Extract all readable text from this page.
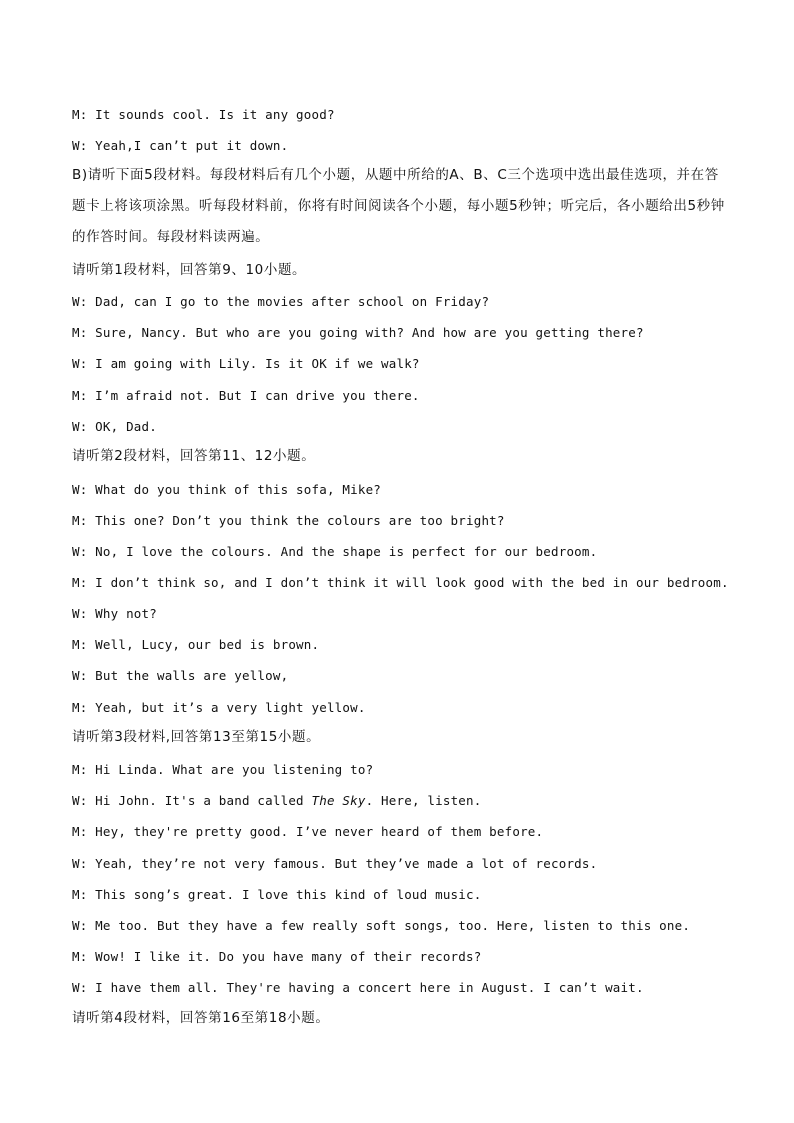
M: It sounds cool. Is it any good?
W: Yeah,I can’t put it down.
B)请听下面5段材料。每段材料后有几个小题，从题中所给的A、B、C三个选项中选出最佳选项，并在答题卡上将该项涂黑。听每段材料前，你将有时间阅读各个小题，每小题5秒钟；听完后，各小题给出5秒钟的作答时间。每段材料读两遍。
请听第1段材料，回答第9、10小题。
W: Dad, can I go to the movies after school on Friday?
M: Sure, Nancy. But who are you going with? And how are you getting there?
W: I am going with Lily. Is it OK if we walk?
M: I’m afraid not. But I can drive you there.
W: OK, Dad.
请听第2段材料，回答第11、12小题。
W: What do you think of this sofa, Mike?
M: This one? Don’t you think the colours are too bright?
W: No, I love the colours. And the shape is perfect for our bedroom.
M: I don’t think so, and I don’t think it will look good with the bed in our bedroom.
W: Why not?
M: Well, Lucy, our bed is brown.
W: But the walls are yellow,
M: Yeah, but it’s a very light yellow.
请听第3段材料,回答第13至第15小题。
M: Hi Linda. What are you listening to?
W: Hi John. It's a band called The Sky. Here, listen.
M: Hey, they're pretty good. I’ve never heard of them before.
W: Yeah, they’re not very famous. But they’ve made a lot of records.
M: This song’s great. I love this kind of loud music.
W: Me too. But they have a few really soft songs, too. Here, listen to this one.
M: Wow! I like it. Do you have many of their records?
W: I have them all. They're having a concert here in August. I can’t wait.
请听第4段材料，回答第16至第18小题。
